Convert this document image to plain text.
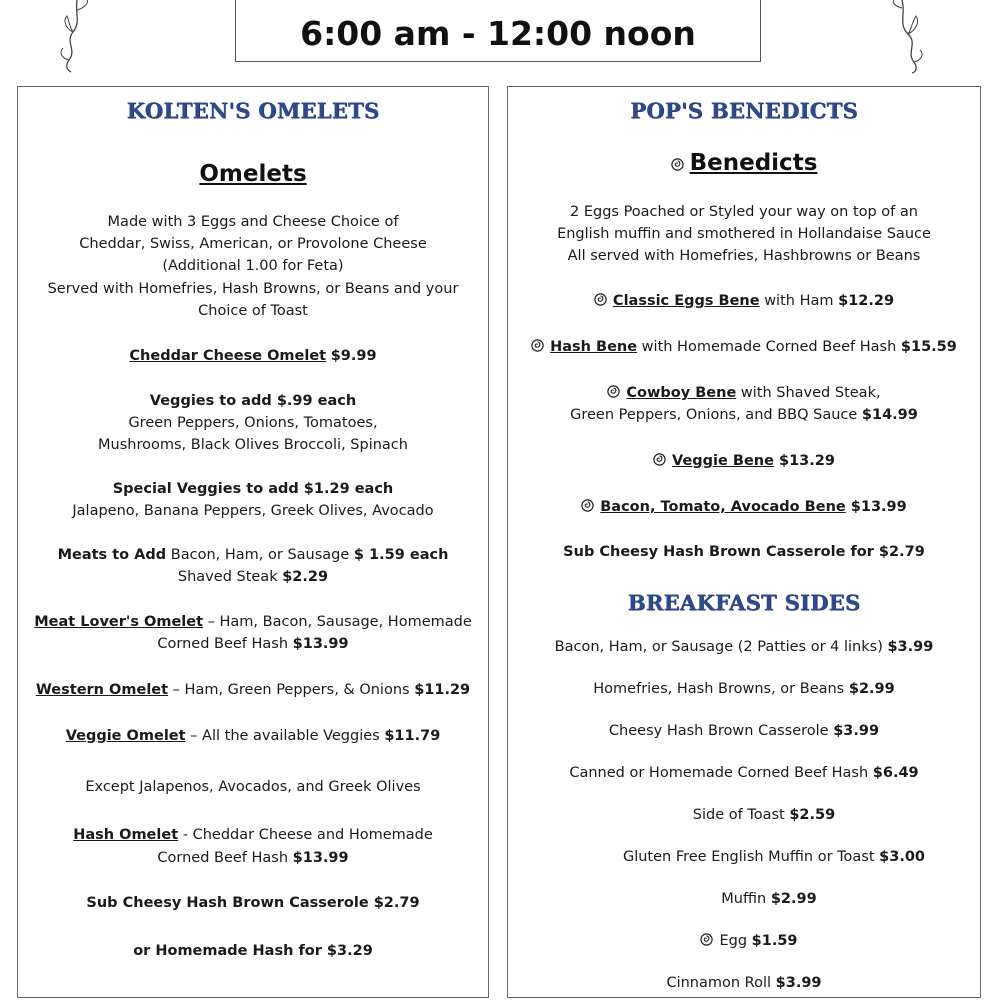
6:00 am - 12:00 noon
KOLTEN'S OMELETS
Omelets
Made with 3 Eggs and Cheese Choice of
Cheddar, Swiss, American, or Provolone Cheese
(Additional 1.00 for Feta)
Served with Homefries, Hash Browns, or Beans and your
Choice of Toast
Cheddar Cheese Omelet $9.99
Veggies to add $.99 each
Green Peppers, Onions, Tomatoes,
Mushrooms, Black Olives Broccoli, Spinach
Special Veggies to add $1.29 each
Jalapeno, Banana Peppers, Greek Olives, Avocado
Meats to Add Bacon, Ham, or Sausage $ 1.59 each
Shaved Steak $2.29
Meat Lover's Omelet – Ham, Bacon, Sausage, Homemade
Corned Beef Hash $13.99
Western Omelet – Ham, Green Peppers, & Onions $11.29
Veggie Omelet – All the available Veggies $11.79
Except Jalapenos, Avocados, and Greek Olives
Hash Omelet - Cheddar Cheese and Homemade
Corned Beef Hash $13.99
Sub Cheesy Hash Brown Casserole $2.79
or Homemade Hash for $3.29
POP'S BENEDICTS
Benedicts
2 Eggs Poached or Styled your way on top of an
English muffin and smothered in Hollandaise Sauce
All served with Homefries, Hashbrowns or Beans
Classic Eggs Bene with Ham $12.29
Hash Bene with Homemade Corned Beef Hash $15.59
Cowboy Bene with Shaved Steak,
Green Peppers, Onions, and BBQ Sauce $14.99
Veggie Bene $13.29
Bacon, Tomato, Avocado Bene $13.99
Sub Cheesy Hash Brown Casserole for $2.79
BREAKFAST SIDES
Bacon, Ham, or Sausage (2 Patties or 4 links) $3.99
Homefries, Hash Browns, or Beans $2.99
Cheesy Hash Brown Casserole $3.99
Canned or Homemade Corned Beef Hash $6.49
Side of Toast $2.59
Gluten Free English Muffin or Toast $3.00
Muffin $2.99
Egg $1.59
Cinnamon Roll $3.99
